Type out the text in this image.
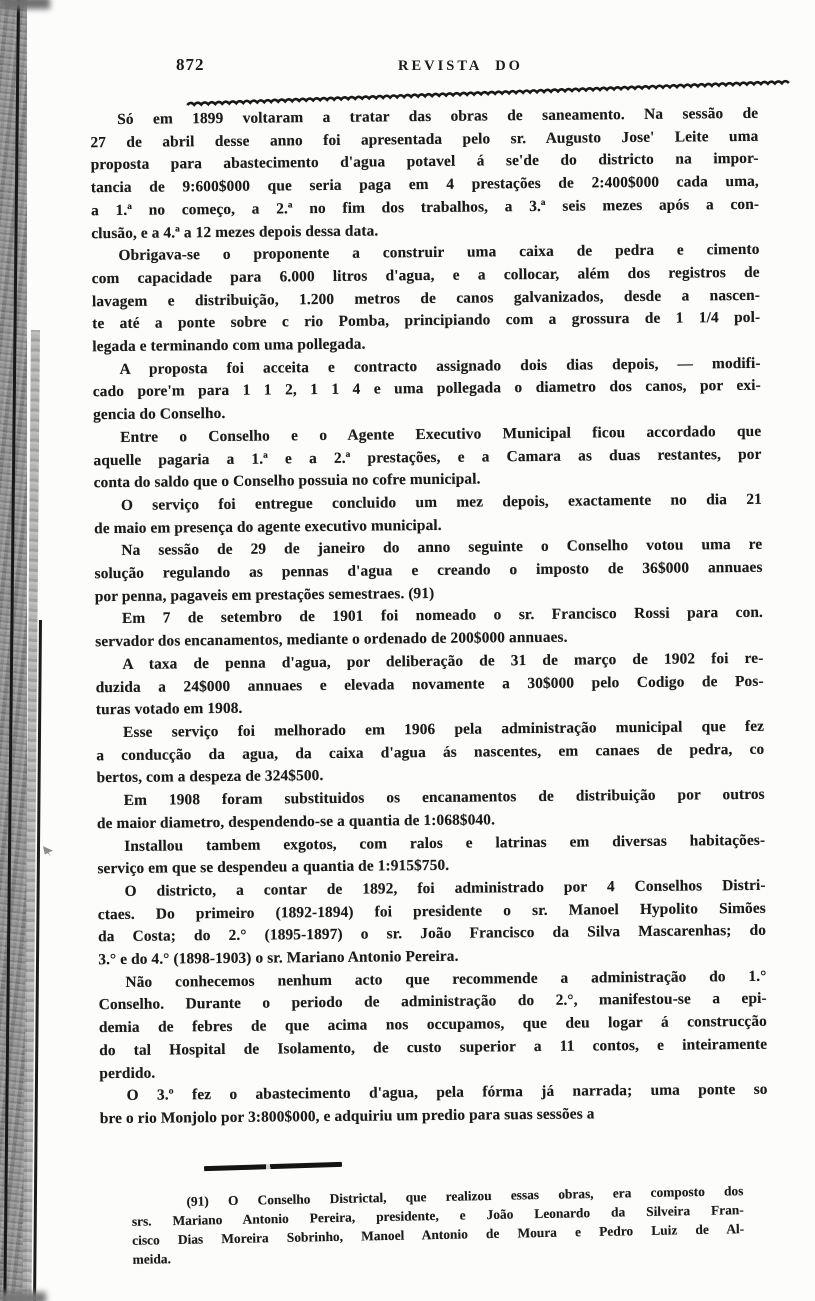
872	REVISTA DO
Só em 1899 voltaram a tratar das obras de saneamento. Na sessão de
27 de abril desse anno foi apresentada pelo sr. Augusto Jose' Leite uma
proposta para abastecimento d'agua potavel á se'de do districto na impor-
tancia de 9:600$000 que seria paga em 4 prestações de 2:400$000 cada uma,
a 1.ª no começo, a 2.ª no fim dos trabalhos, a 3.ª seis mezes após a con-
clusão, e a 4.ª a 12 mezes depois dessa data.
Obrigava-se o proponente a construir uma caixa de pedra e cimento
com capacidade para 6.000 litros d'agua, e a collocar, além dos registros de
lavagem e distribuição, 1.200 metros de canos galvanizados, desde a nascen-
te até a ponte sobre c rio Pomba, principiando com a grossura de 1 1/4 pol-
legada e terminando com uma pollegada.
A proposta foi acceita e contracto assignado dois dias depois, — modifi-
cado pore'm para 1 1 2, 1 1 4 e uma pollegada o diametro dos canos, por exi-
gencia do Conselho.
Entre o Conselho e o Agente Executivo Municipal ficou accordado que
aquelle pagaria a 1.ª e a 2.ª prestações, e a Camara as duas restantes, por
conta do saldo que o Conselho possuia no cofre municipal.
O serviço foi entregue concluido um mez depois, exactamente no dia 21
de maio em presença do agente executivo municipal.
Na sessão de 29 de janeiro do anno seguinte o Conselho votou uma re
solução regulando as pennas d'agua e creando o imposto de 36$000 annuaes
por penna, pagaveis em prestações semestraes. (91)
Em 7 de setembro de 1901 foi nomeado o sr. Francisco Rossi para con.
servador dos encanamentos, mediante o ordenado de 200$000 annuaes.
A taxa de penna d'agua, por deliberação de 31 de março de 1902 foi re-
duzida a 24$000 annuaes e elevada novamente a 30$000 pelo Codigo de Pos-
turas votado em 1908.
Esse serviço foi melhorado em 1906 pela administração municipal que fez
a conducção da agua, da caixa d'agua ás nascentes, em canaes de pedra, co
bertos, com a despeza de 324$500.
Em 1908 foram substituidos os encanamentos de distribuição por outros
de maior diametro, despendendo-se a quantia de 1:068$040.
Installou tambem exgotos, com ralos e latrinas em diversas habitações-
serviço em que se despendeu a quantia de 1:915$750.
O districto, a contar de 1892, foi administrado por 4 Conselhos Distri-
ctaes. Do primeiro (1892-1894) foi presidente o sr. Manoel Hypolito Simões
da Costa; do 2.° (1895-1897) o sr. João Francisco da Silva Mascarenhas; do
3.° e do 4.° (1898-1903) o sr. Mariano Antonio Pereira.
Não conhecemos nenhum acto que recommende a administração do 1.°
Conselho. Durante o periodo de administração do 2.°, manifestou-se a epi-
demia de febres de que acima nos occupamos, que deu logar á construcção
do tal Hospital de Isolamento, de custo superior a 11 contos, e inteiramente
perdido.
O 3.º fez o abastecimento d'agua, pela fórma já narrada; uma ponte so
bre o rio Monjolo por 3:800$000, e adquiriu um predio para suas sessões a
(91) O Conselho Districtal, que realizou essas obras, era composto dos
srs. Mariano Antonio Pereira, presidente, e João Leonardo da Silveira Fran-
cisco Dias Moreira Sobrinho, Manoel Antonio de Moura e Pedro Luiz de Al-
meida.
